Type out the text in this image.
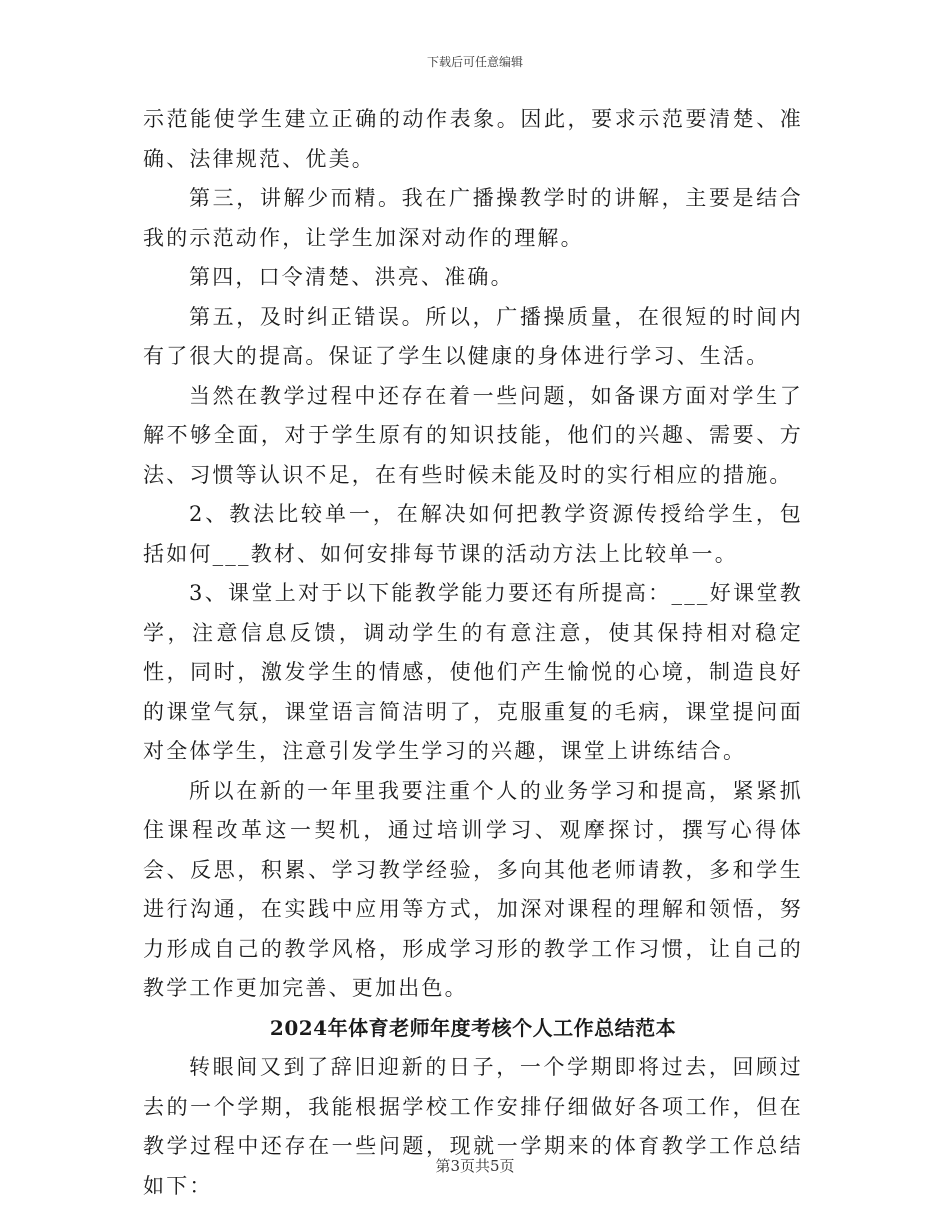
下载后可任意编辑

示范能使学生建立正确的动作表象。因此，要求示范要清楚、准确、法律规范、优美。

第三，讲解少而精。我在广播操教学时的讲解，主要是结合我的示范动作，让学生加深对动作的理解。

第四，口令清楚、洪亮、准确。

第五，及时纠正错误。所以，广播操质量，在很短的时间内有了很大的提高。保证了学生以健康的身体进行学习、生活。

当然在教学过程中还存在着一些问题，如备课方面对学生了解不够全面，对于学生原有的知识技能，他们的兴趣、需要、方法、习惯等认识不足，在有些时候未能及时的实行相应的措施。

2、教法比较单一，在解决如何把教学资源传授给学生，包括如何___教材、如何安排每节课的活动方法上比较单一。

3、课堂上对于以下能教学能力要还有所提高：___好课堂教学，注意信息反馈，调动学生的有意注意，使其保持相对稳定性，同时，激发学生的情感，使他们产生愉悦的心境，制造良好的课堂气氛，课堂语言简洁明了，克服重复的毛病，课堂提问面对全体学生，注意引发学生学习的兴趣，课堂上讲练结合。

所以在新的一年里我要注重个人的业务学习和提高，紧紧抓住课程改革这一契机，通过培训学习、观摩探讨，撰写心得体会、反思，积累、学习教学经验，多向其他老师请教，多和学生进行沟通，在实践中应用等方式，加深对课程的理解和领悟，努力形成自己的教学风格，形成学习形的教学工作习惯，让自己的教学工作更加完善、更加出色。

2024年体育老师年度考核个人工作总结范本

转眼间又到了辞旧迎新的日子，一个学期即将过去，回顾过去的一个学期，我能根据学校工作安排仔细做好各项工作，但在教学过程中还存在一些问题，现就一学期来的体育教学工作总结如下：

第3页共5页
